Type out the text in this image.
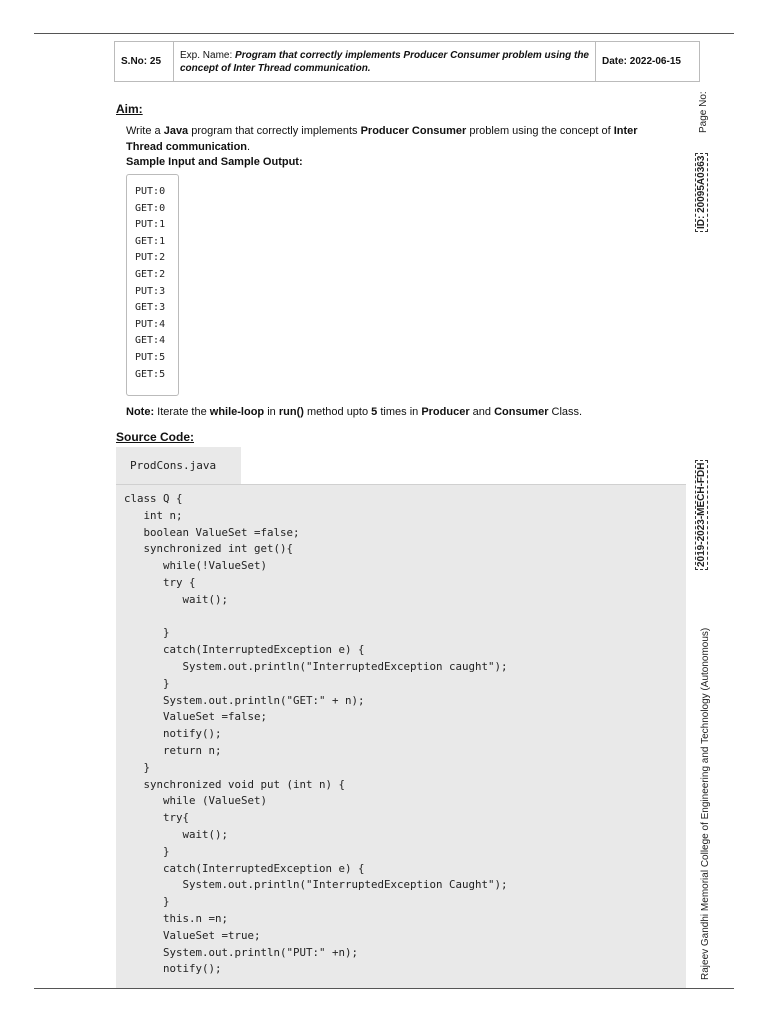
S.No: 25
Exp. Name: Program that correctly implements Producer Consumer problem using the concept of Inter Thread communication.
Date: 2022-06-15
Aim:
Write a Java program that correctly implements Producer Consumer problem using the concept of Inter Thread communication.
Sample Input and Sample Output:
PUT:0
GET:0
PUT:1
GET:1
PUT:2
GET:2
PUT:3
GET:3
PUT:4
GET:4
PUT:5
GET:5
Note: Iterate the while-loop in run() method upto 5 times in Producer and Consumer Class.
Source Code:
ProdCons.java
class Q {
int n;
boolean ValueSet =false;
synchronized int get(){
while(!ValueSet)
try {
wait();

}
catch(InterruptedException e) {
System.out.println("InterruptedException caught");
}
System.out.println("GET:" + n);
ValueSet =false;
notify();
return n;
}
synchronized void put (int n) {
while (ValueSet)
try{
wait();
}
catch(InterruptedException e) {
System.out.println("InterruptedException Caught");
}
this.n =n;
ValueSet =true;
System.out.println("PUT:" +n);
notify();
Page No:
ID: 20095A0363
2019-2023-MECH-FDH
Rajeev Gandhi Memorial College of Engineering and Technology (Autonomous)
